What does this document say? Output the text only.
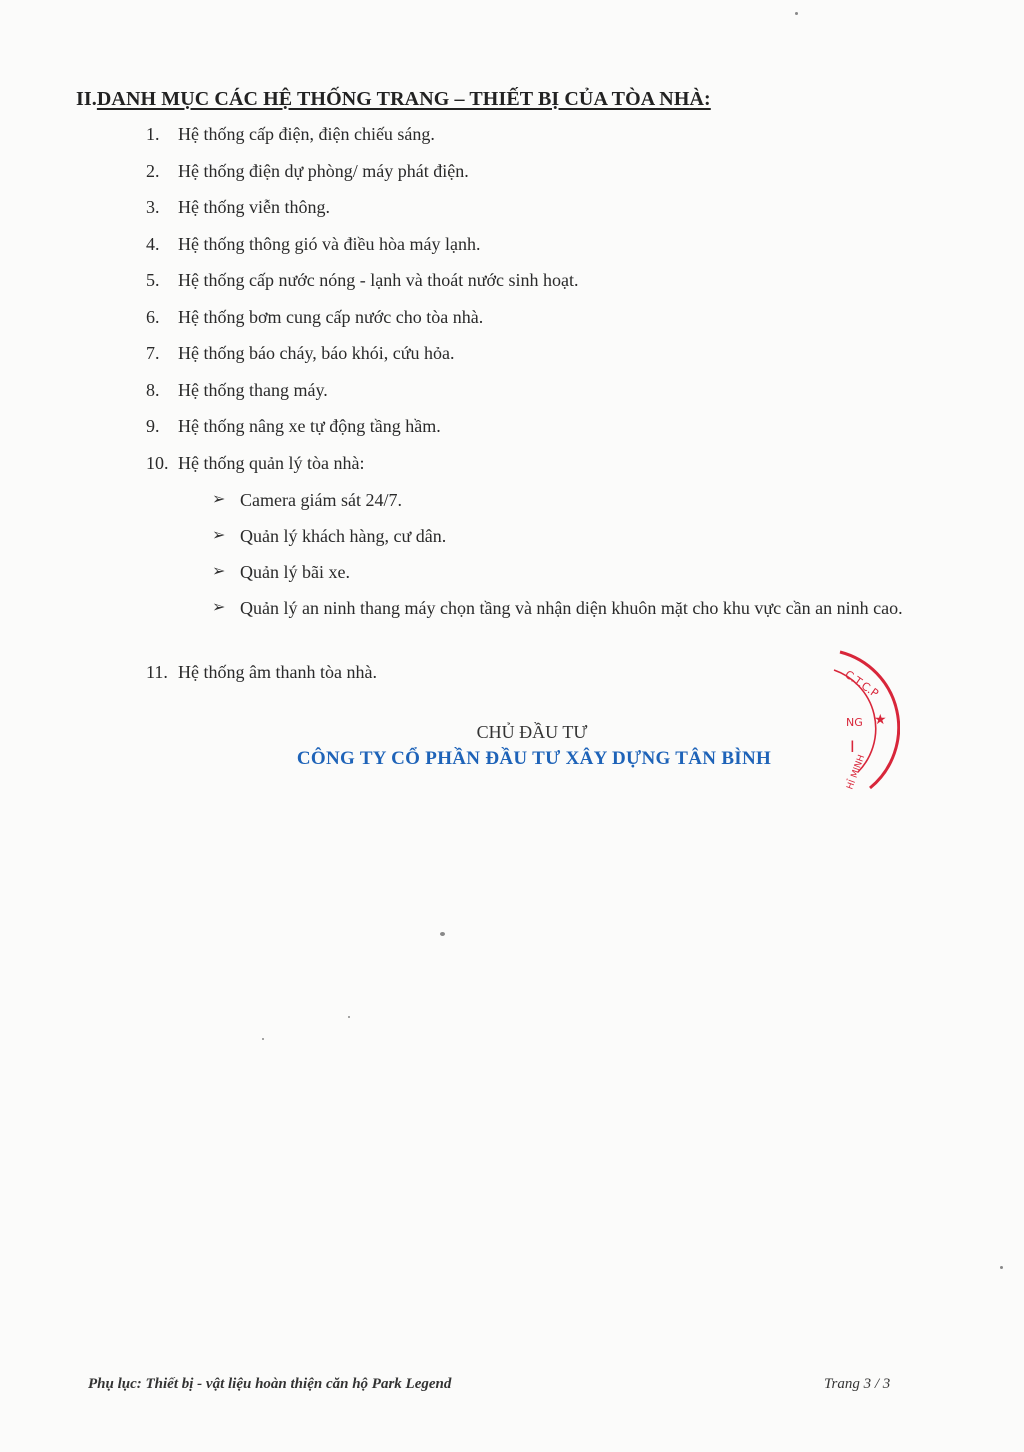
II.DANH MỤC CÁC HỆ THỐNG TRANG – THIẾT BỊ CỦA TÒA NHÀ:
1.	Hệ thống cấp điện, điện chiếu sáng.
2.	Hệ thống điện dự phòng/ máy phát điện.
3.	Hệ thống viễn thông.
4.	Hệ thống thông gió và điều hòa máy lạnh.
5.	Hệ thống cấp nước nóng - lạnh và thoát nước sinh hoạt.
6.	Hệ thống bơm cung cấp nước cho tòa nhà.
7.	Hệ thống báo cháy, báo khói, cứu hỏa.
8.	Hệ thống thang máy.
9.	Hệ thống nâng xe tự động tầng hầm.
10. Hệ thống quản lý tòa nhà:
➢ Camera giám sát 24/7.
➢ Quản lý khách hàng, cư dân.
➢ Quản lý bãi xe.
➢ Quản lý an ninh thang máy chọn tầng và nhận diện khuôn mặt cho khu vực cần an ninh cao.
11. Hệ thống âm thanh tòa nhà.
CHỦ ĐẦU TƯ
CÔNG TY CỔ PHẦN ĐẦU TƯ XÂY DỰNG TÂN BÌNH
C.T.C.P
NG ★
I
HỈ MINH
Phụ lục: Thiết bị - vật liệu hoàn thiện căn hộ Park Legend	Trang 3 / 3
